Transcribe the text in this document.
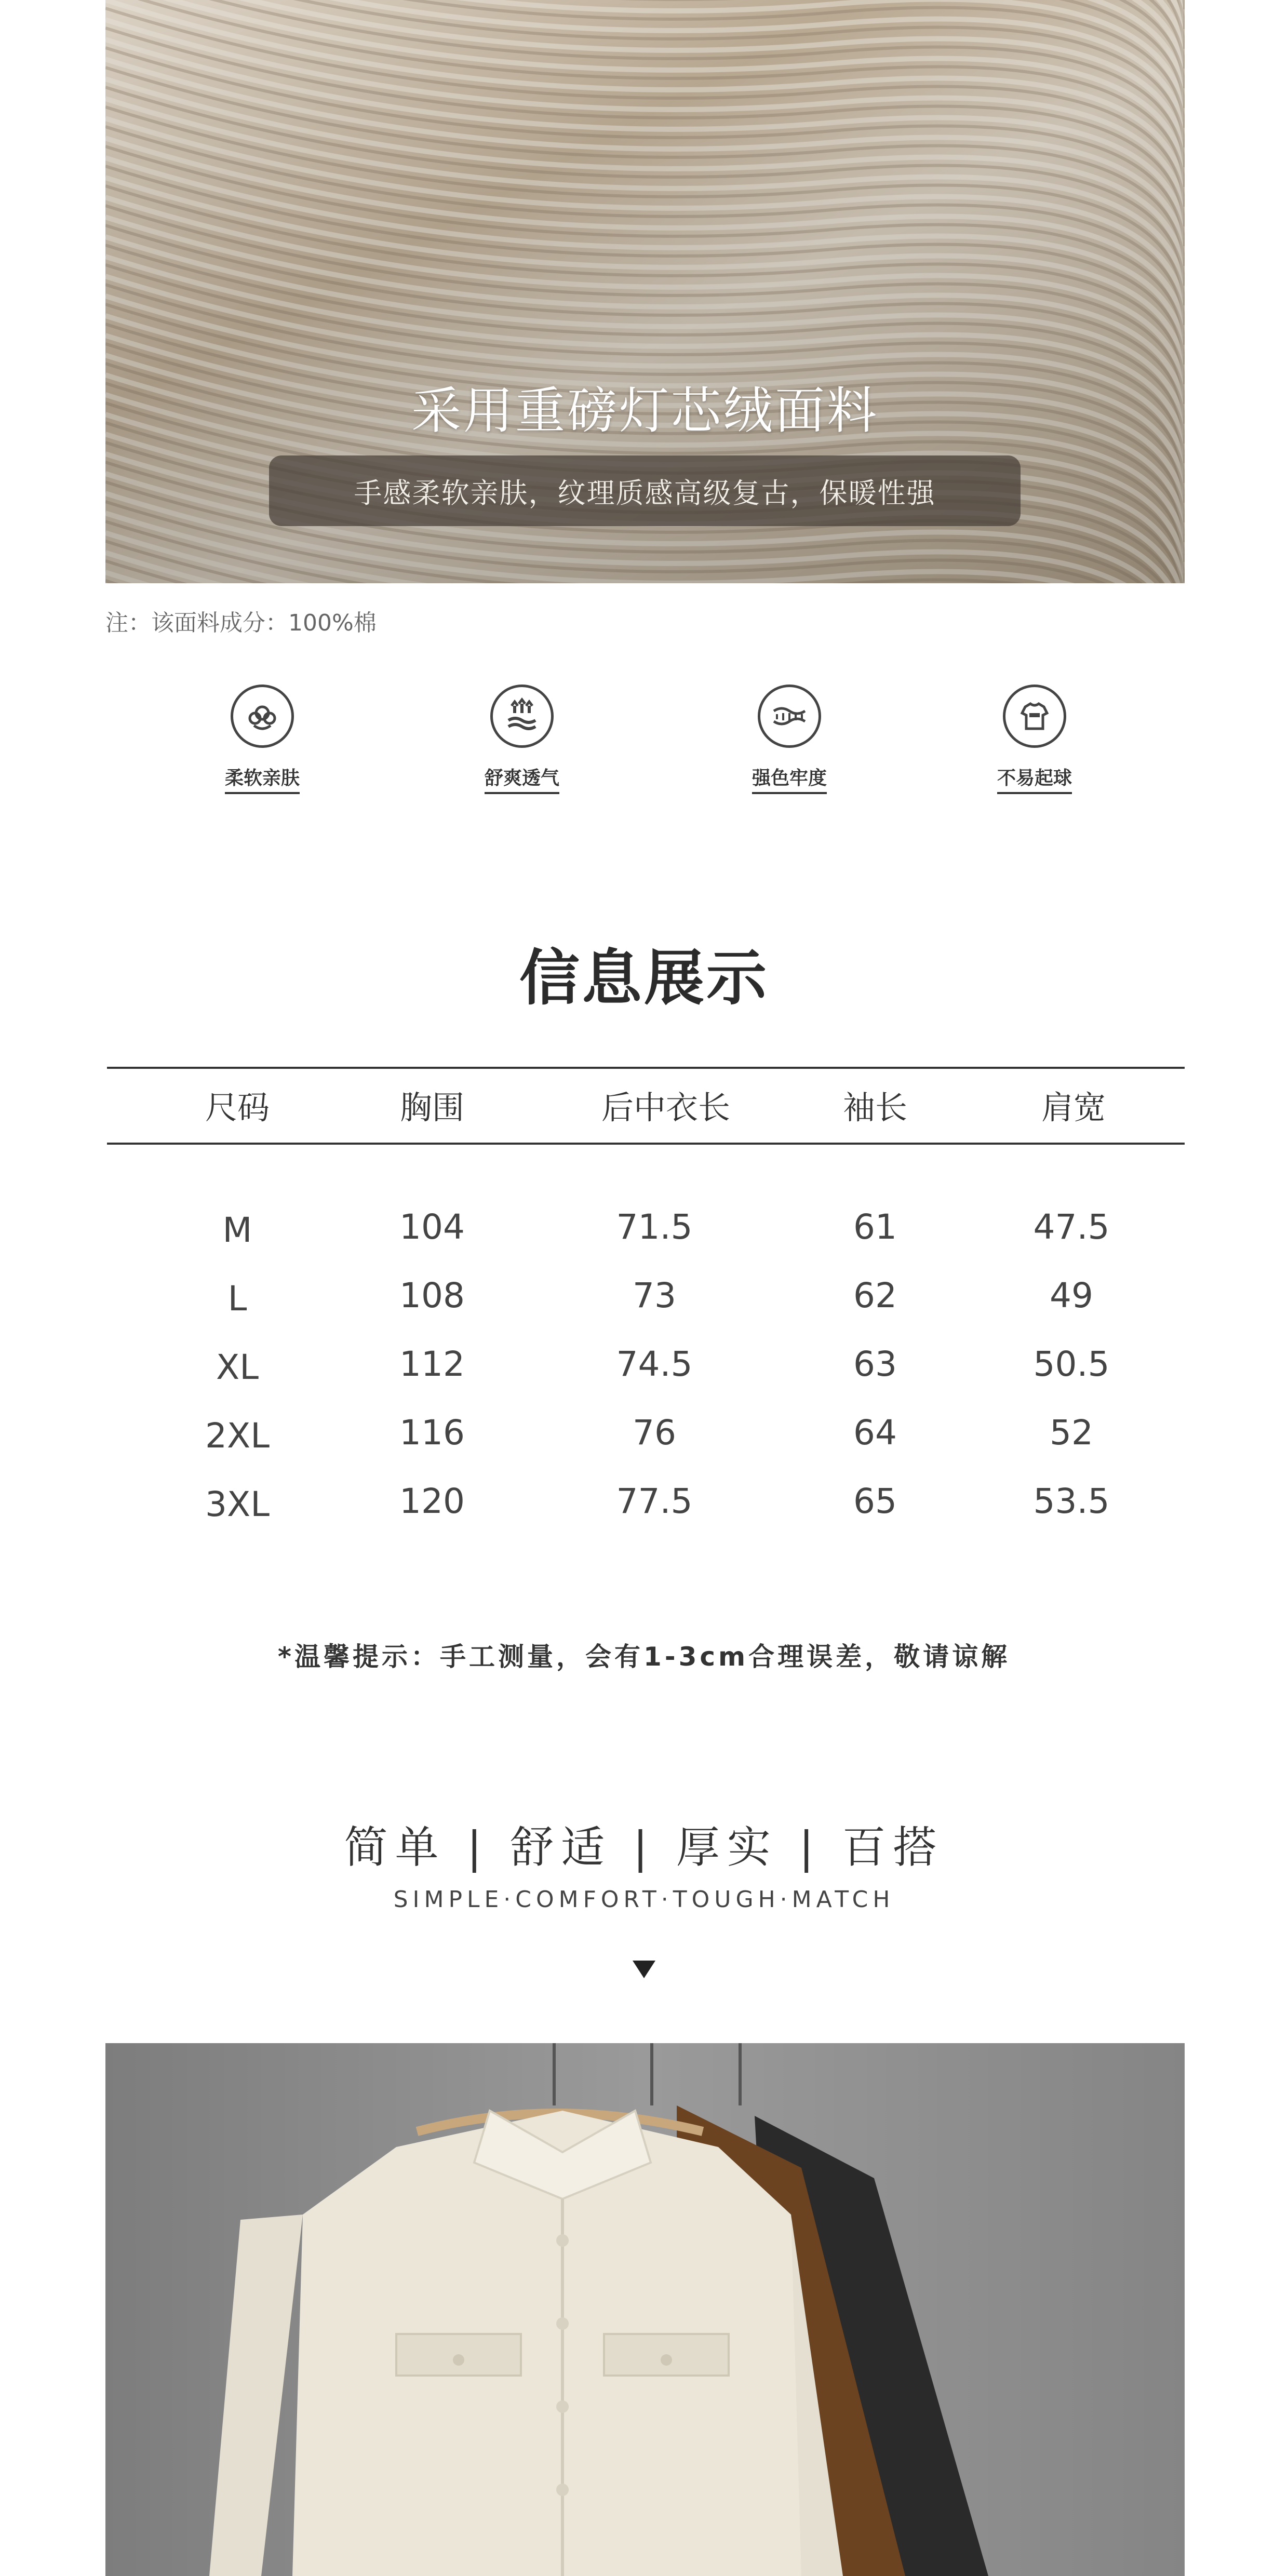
采用重磅灯芯绒面料
手感柔软亲肤，纹理质感高级复古，保暖性强
注：该面料成分：100%棉
柔软亲肤	舒爽透气	强色牢度	不易起球
信息展示
尺码	胸围	后中衣长	袖长	肩宽
M	104	71.5	61	47.5
L	108	73	62	49
XL	112	74.5	63	50.5
2XL	116	76	64	52
3XL	120	77.5	65	53.5
*温馨提示：手工测量，会有1-3cm合理误差，敬请谅解
简单 | 舒适 | 厚实 | 百搭
SIMPLE·COMFORT·TOUGH·MATCH
